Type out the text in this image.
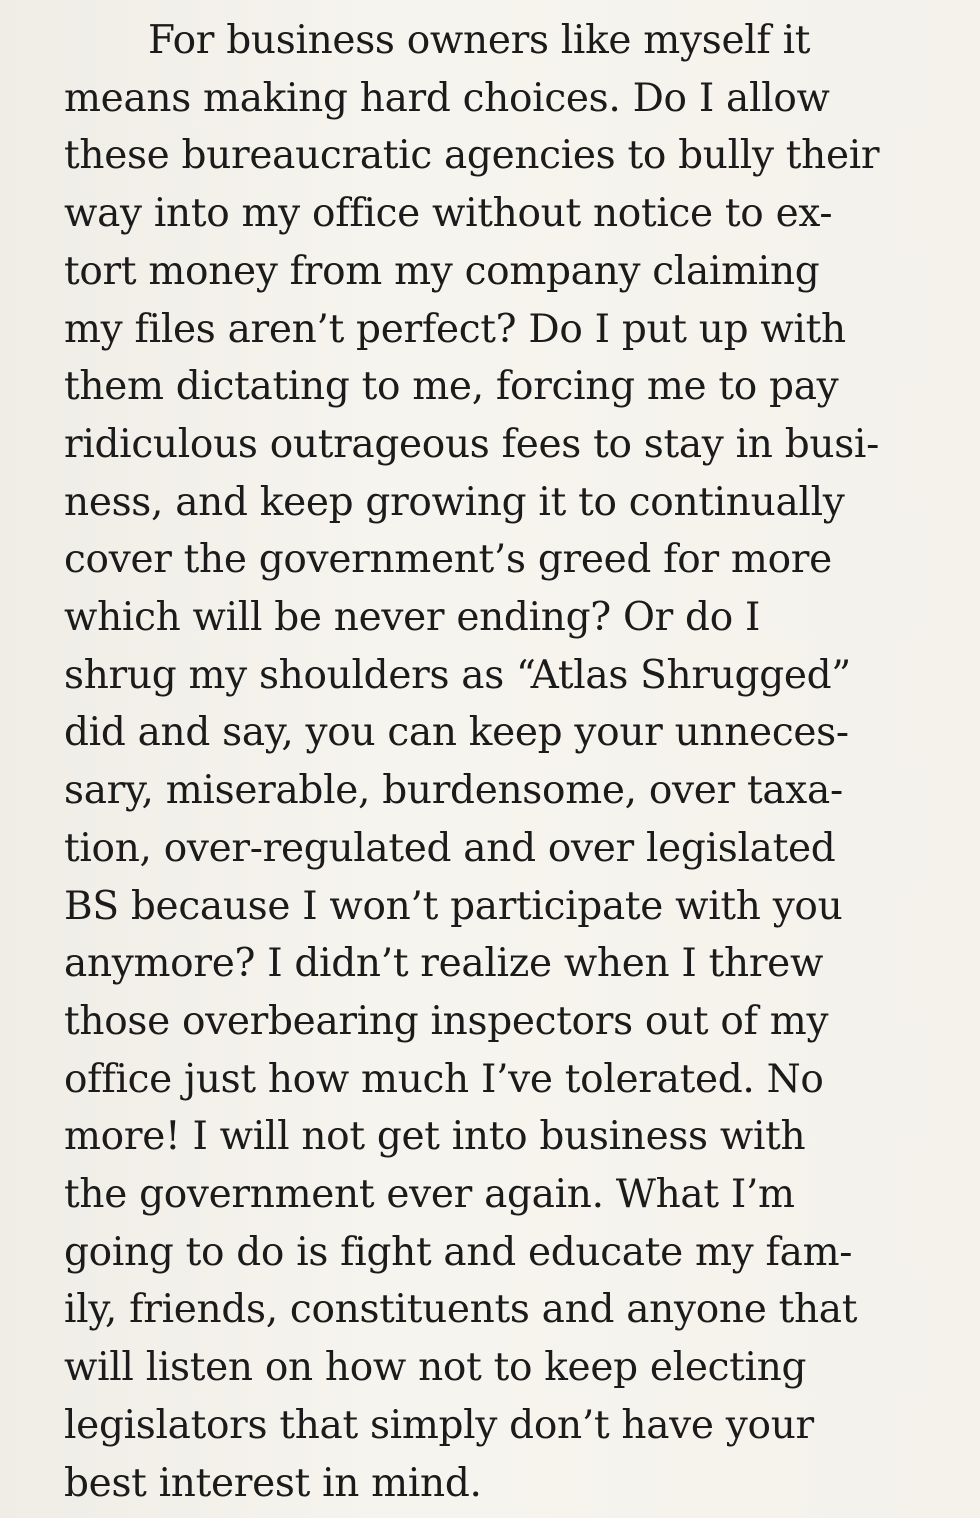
For business owners like myself it
means making hard choices. Do I allow
these bureaucratic agencies to bully their
way into my office without notice to ex-
tort money from my company claiming
my files aren’t perfect? Do I put up with
them dictating to me, forcing me to pay
ridiculous outrageous fees to stay in busi-
ness, and keep growing it to continually
cover the government’s greed for more
which will be never ending? Or do I
shrug my shoulders as “Atlas Shrugged”
did and say, you can keep your unneces-
sary, miserable, burdensome, over taxa-
tion, over-regulated and over legislated
BS because I won’t participate with you
anymore? I didn’t realize when I threw
those overbearing inspectors out of my
office just how much I’ve tolerated. No
more! I will not get into business with
the government ever again. What I’m
going to do is fight and educate my fam-
ily, friends, constituents and anyone that
will listen on how not to keep electing
legislators that simply don’t have your
best interest in mind.
